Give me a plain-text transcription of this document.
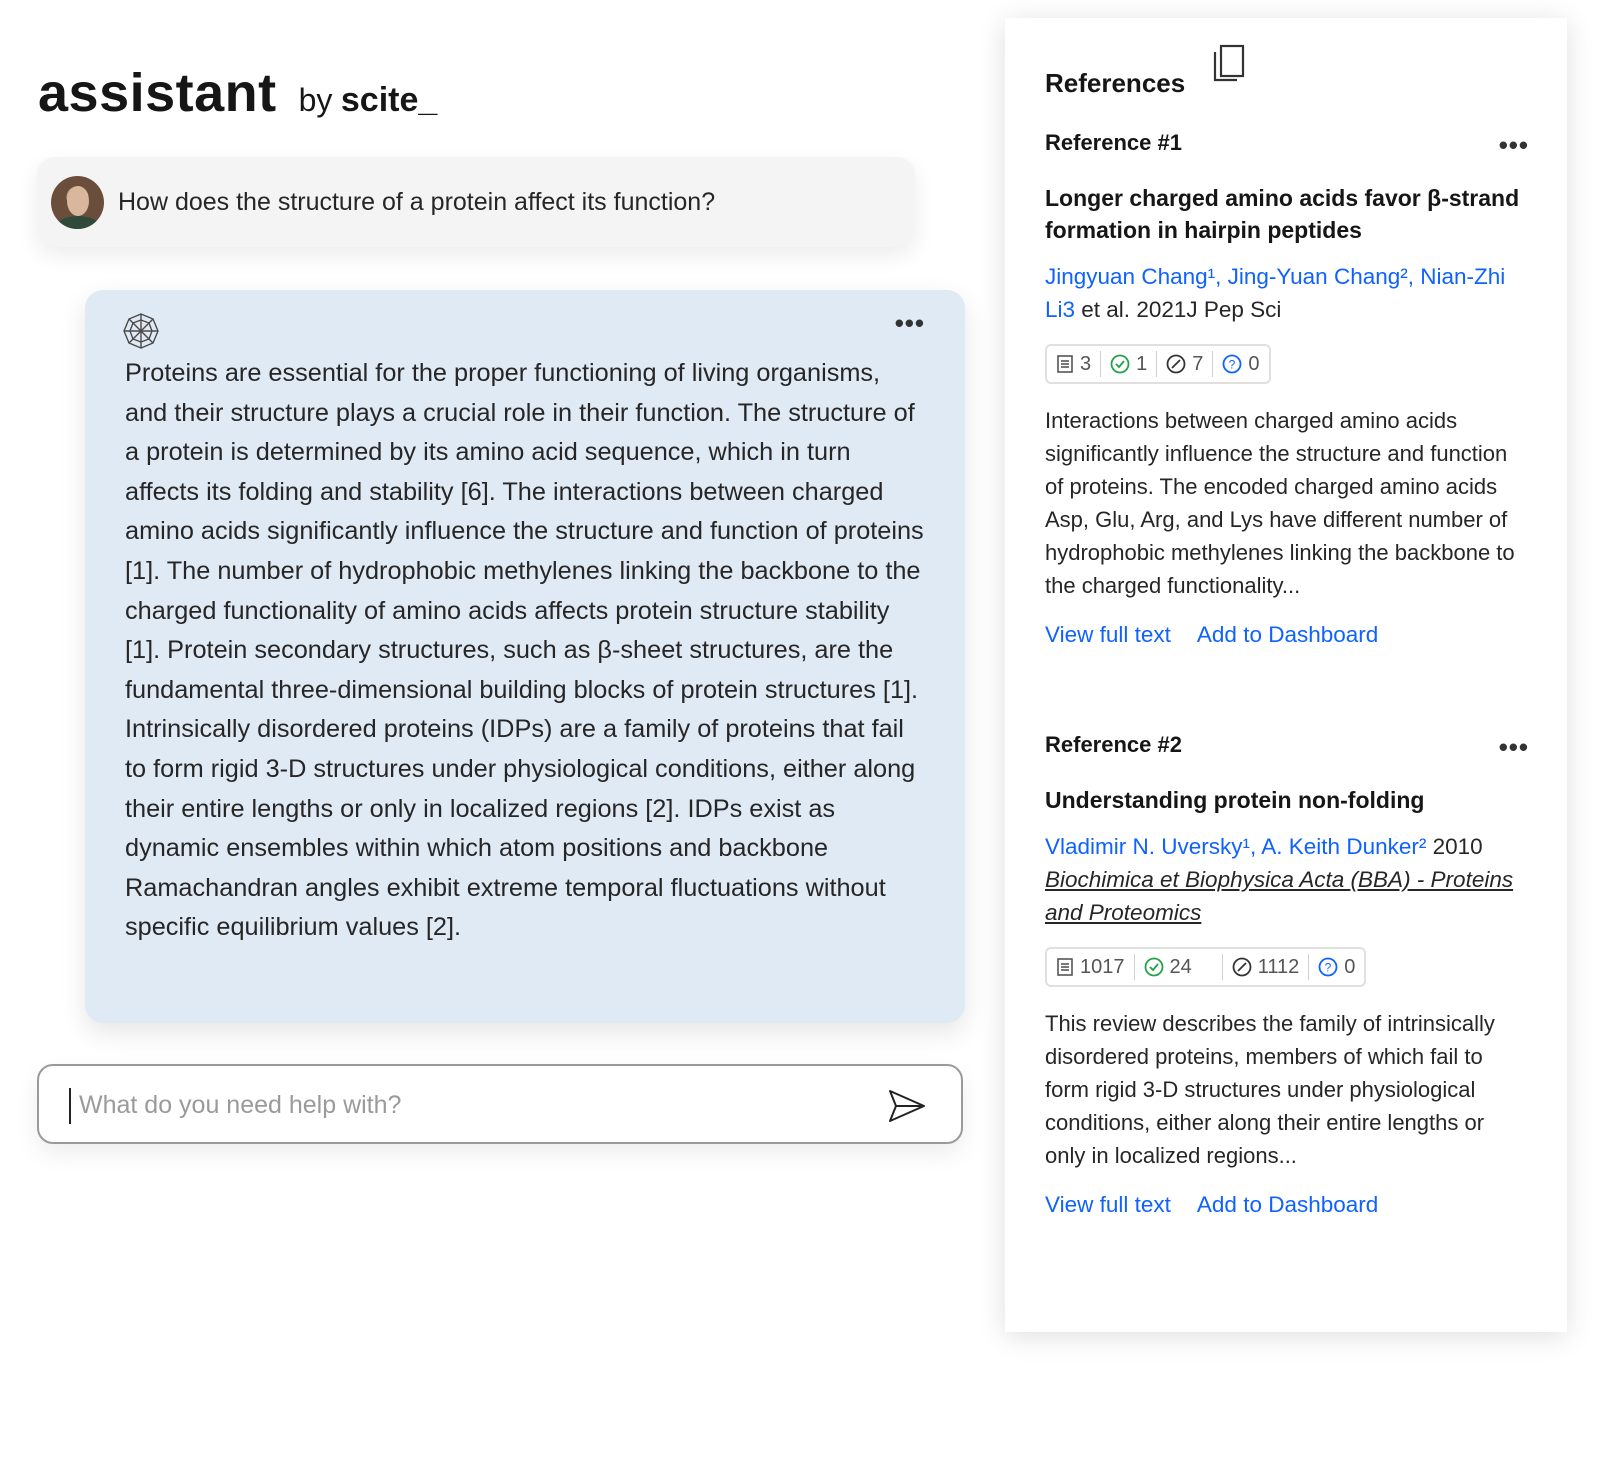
assistant by scite_
How does the structure of a protein affect its function?
•••
Proteins are essential for the proper functioning of living organisms, and their structure plays a crucial role in their function. The structure of a protein is determined by its amino acid sequence, which in turn affects its folding and stability [6]. The interactions between charged amino acids significantly influence the structure and function of proteins [1]. The number of hydrophobic methylenes linking the backbone to the charged functionality of amino acids affects protein structure stability [1]. Protein secondary structures, such as β-sheet structures, are the fundamental three-dimensional building blocks of protein structures [1]. Intrinsically disordered proteins (IDPs) are a family of proteins that fail to form rigid 3-D structures under physiological conditions, either along their entire lengths or only in localized regions [2]. IDPs exist as dynamic ensembles within which atom positions and backbone Ramachandran angles exhibit extreme temporal fluctuations without specific equilibrium values [2].
What do you need help with?
References
Reference #1	•••
Longer charged amino acids favor β-strand formation in hairpin peptides
Jingyuan Chang¹, Jing-Yuan Chang², Nian-Zhi Li3 et al. 2021J Pep Sci
3 1 7 ? 0
Interactions between charged amino acids significantly influence the structure and function of proteins. The encoded charged amino acids Asp, Glu, Arg, and Lys have different number of hydrophobic methylenes linking the backbone to the charged functionality...
View full text Add to Dashboard
Reference #2	•••
Understanding protein non-folding
Vladimir N. Uversky¹, A. Keith Dunker² 2010
Biochimica et Biophysica Acta (BBA) - Proteins and Proteomics
1017 24	1112 ? 0
This review describes the family of intrinsically disordered proteins, members of which fail to form rigid 3-D structures under physiological conditions, either along their entire lengths or only in localized regions...
View full text Add to Dashboard
